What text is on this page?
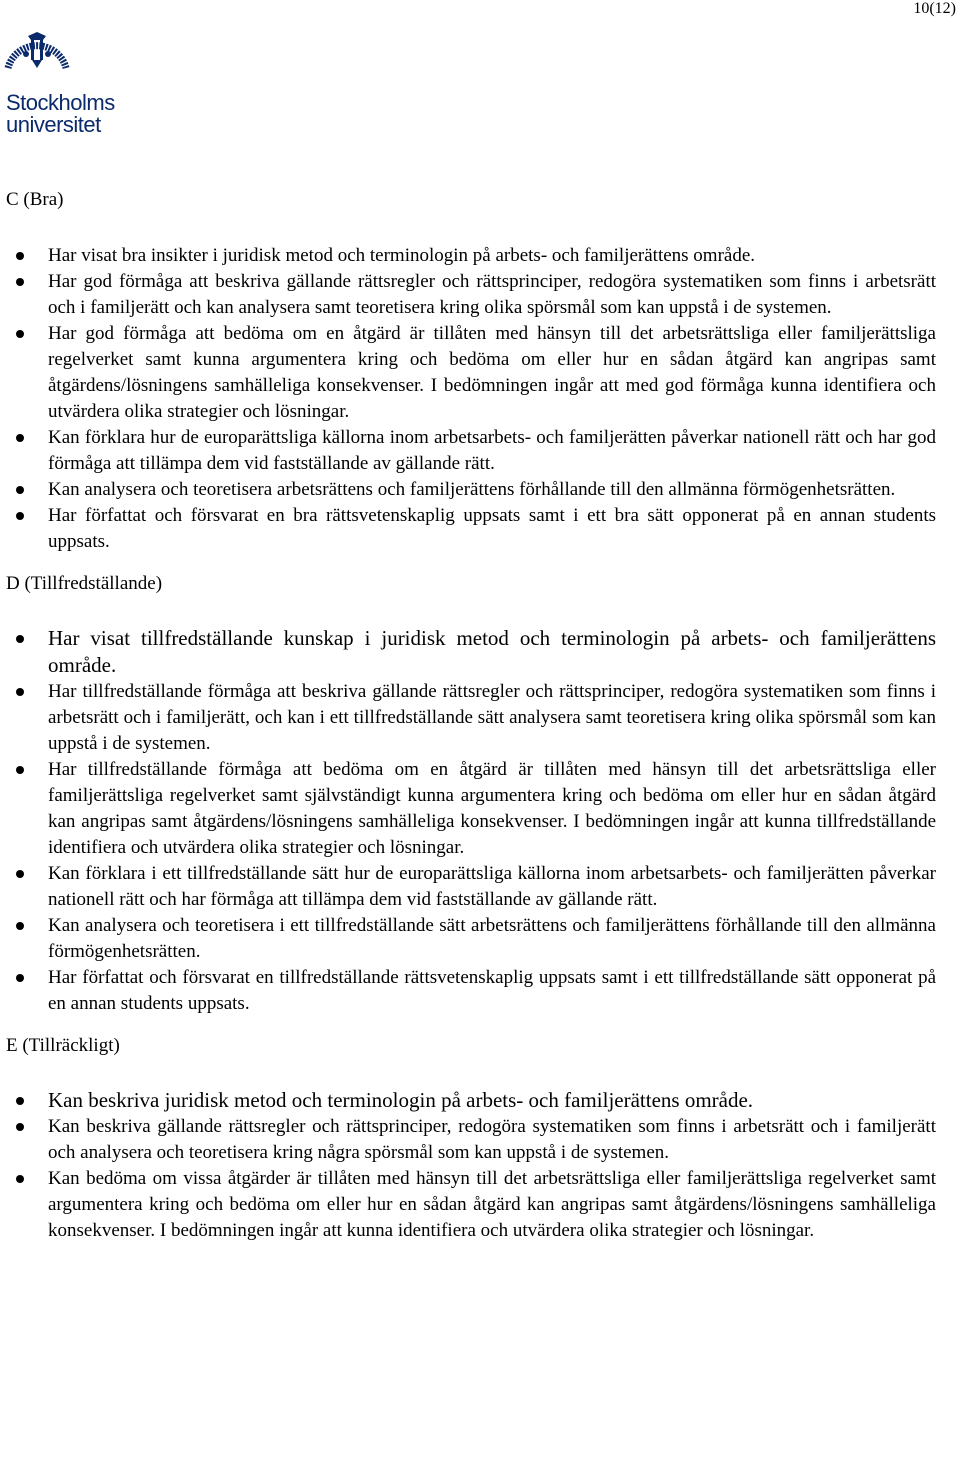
10(12)
Stockholms
universitet

C (Bra)

Har visat bra insikter i juridisk metod och terminologin på arbets- och familjerättens område.
Har god förmåga att beskriva gällande rättsregler och rättsprinciper, redogöra systematiken som finns i arbetsrätt och i familjerätt och kan analysera samt teoretisera kring olika spörsmål som kan uppstå i de systemen.
Har god förmåga att bedöma om en åtgärd är tillåten med hänsyn till det arbetsrättsliga eller familjerättsliga regelverket samt kunna argumentera kring och bedöma om eller hur en sådan åtgärd kan angripas samt åtgärdens/lösningens samhälleliga konsekvenser. I bedömningen ingår att med god förmåga kunna identifiera och utvärdera olika strategier och lösningar.
Kan förklara hur de europarättsliga källorna inom arbetsarbets- och familjerätten påverkar nationell rätt och har god förmåga att tillämpa dem vid fastställande av gällande rätt.
Kan analysera och teoretisera arbetsrättens och familjerättens förhållande till den allmänna förmögenhetsrätten.
Har författat och försvarat en bra rättsvetenskaplig uppsats samt i ett bra sätt opponerat på en annan students uppsats.

D (Tillfredställande)

Har visat tillfredställande kunskap i juridisk metod och terminologin på arbets- och familjerättens område.
Har tillfredställande förmåga att beskriva gällande rättsregler och rättsprinciper, redogöra systematiken som finns i arbetsrätt och i familjerätt, och kan i ett tillfredställande sätt analysera samt teoretisera kring olika spörsmål som kan uppstå i de systemen.
Har tillfredställande förmåga att bedöma om en åtgärd är tillåten med hänsyn till det arbetsrättsliga eller familjerättsliga regelverket samt självständigt kunna argumentera kring och bedöma om eller hur en sådan åtgärd kan angripas samt åtgärdens/lösningens samhälleliga konsekvenser. I bedömningen ingår att kunna tillfredställande identifiera och utvärdera olika strategier och lösningar.
Kan förklara i ett tillfredställande sätt hur de europarättsliga källorna inom arbetsarbets- och familjerätten påverkar nationell rätt och har förmåga att tillämpa dem vid fastställande av gällande rätt.
Kan analysera och teoretisera i ett tillfredställande sätt arbetsrättens och familjerättens förhållande till den allmänna förmögenhetsrätten.
Har författat och försvarat en tillfredställande rättsvetenskaplig uppsats samt i ett tillfredställande sätt opponerat på en annan students uppsats.

E (Tillräckligt)

Kan beskriva juridisk metod och terminologin på arbets- och familjerättens område.
Kan beskriva gällande rättsregler och rättsprinciper, redogöra systematiken som finns i arbetsrätt och i familjerätt och analysera och teoretisera kring några spörsmål som kan uppstå i de systemen.
Kan bedöma om vissa åtgärder är tillåten med hänsyn till det arbetsrättsliga eller familjerättsliga regelverket samt argumentera kring och bedöma om eller hur en sådan åtgärd kan angripas samt åtgärdens/lösningens samhälleliga konsekvenser. I bedömningen ingår att kunna identifiera och utvärdera olika strategier och lösningar.
